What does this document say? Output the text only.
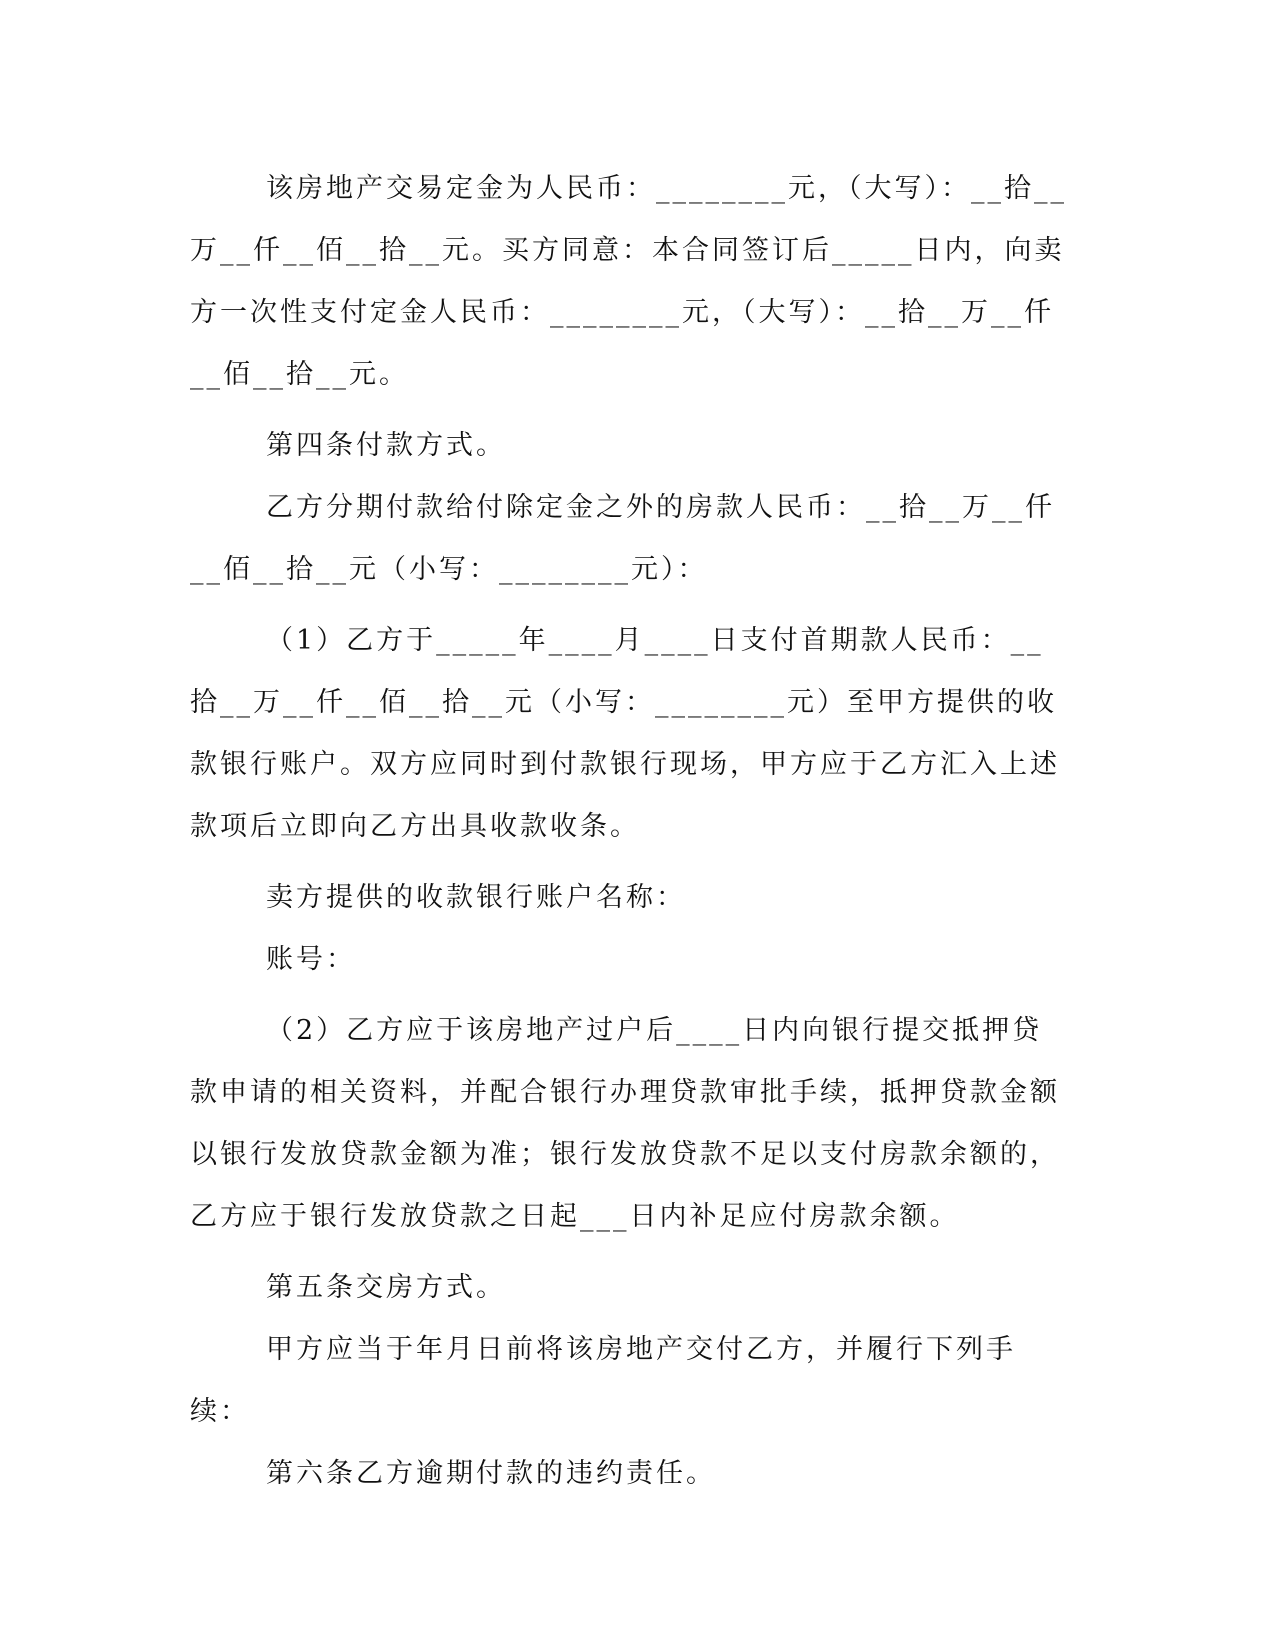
该房地产交易定金为人民币：________元，（大写）：__拾__万__仟__佰__拾__元。买方同意：本合同签订后_____日内，向卖方一次性支付定金人民币：________元，（大写）：__拾__万__仟__佰__拾__元。

第四条付款方式。

乙方分期付款给付除定金之外的房款人民币：__拾__万__仟__佰__拾__元（小写：________元）：

（1）乙方于_____年____月____日支付首期款人民币：__拾__万__仟__佰__拾__元（小写：________元）至甲方提供的收款银行账户。双方应同时到付款银行现场，甲方应于乙方汇入上述款项后立即向乙方出具收款收条。

卖方提供的收款银行账户名称：

账号：

（2）乙方应于该房地产过户后____日内向银行提交抵押贷款申请的相关资料，并配合银行办理贷款审批手续，抵押贷款金额以银行发放贷款金额为准；银行发放贷款不足以支付房款余额的，乙方应于银行发放贷款之日起___日内补足应付房款余额。

第五条交房方式。

甲方应当于年月日前将该房地产交付乙方，并履行下列手续：

第六条乙方逾期付款的违约责任。
